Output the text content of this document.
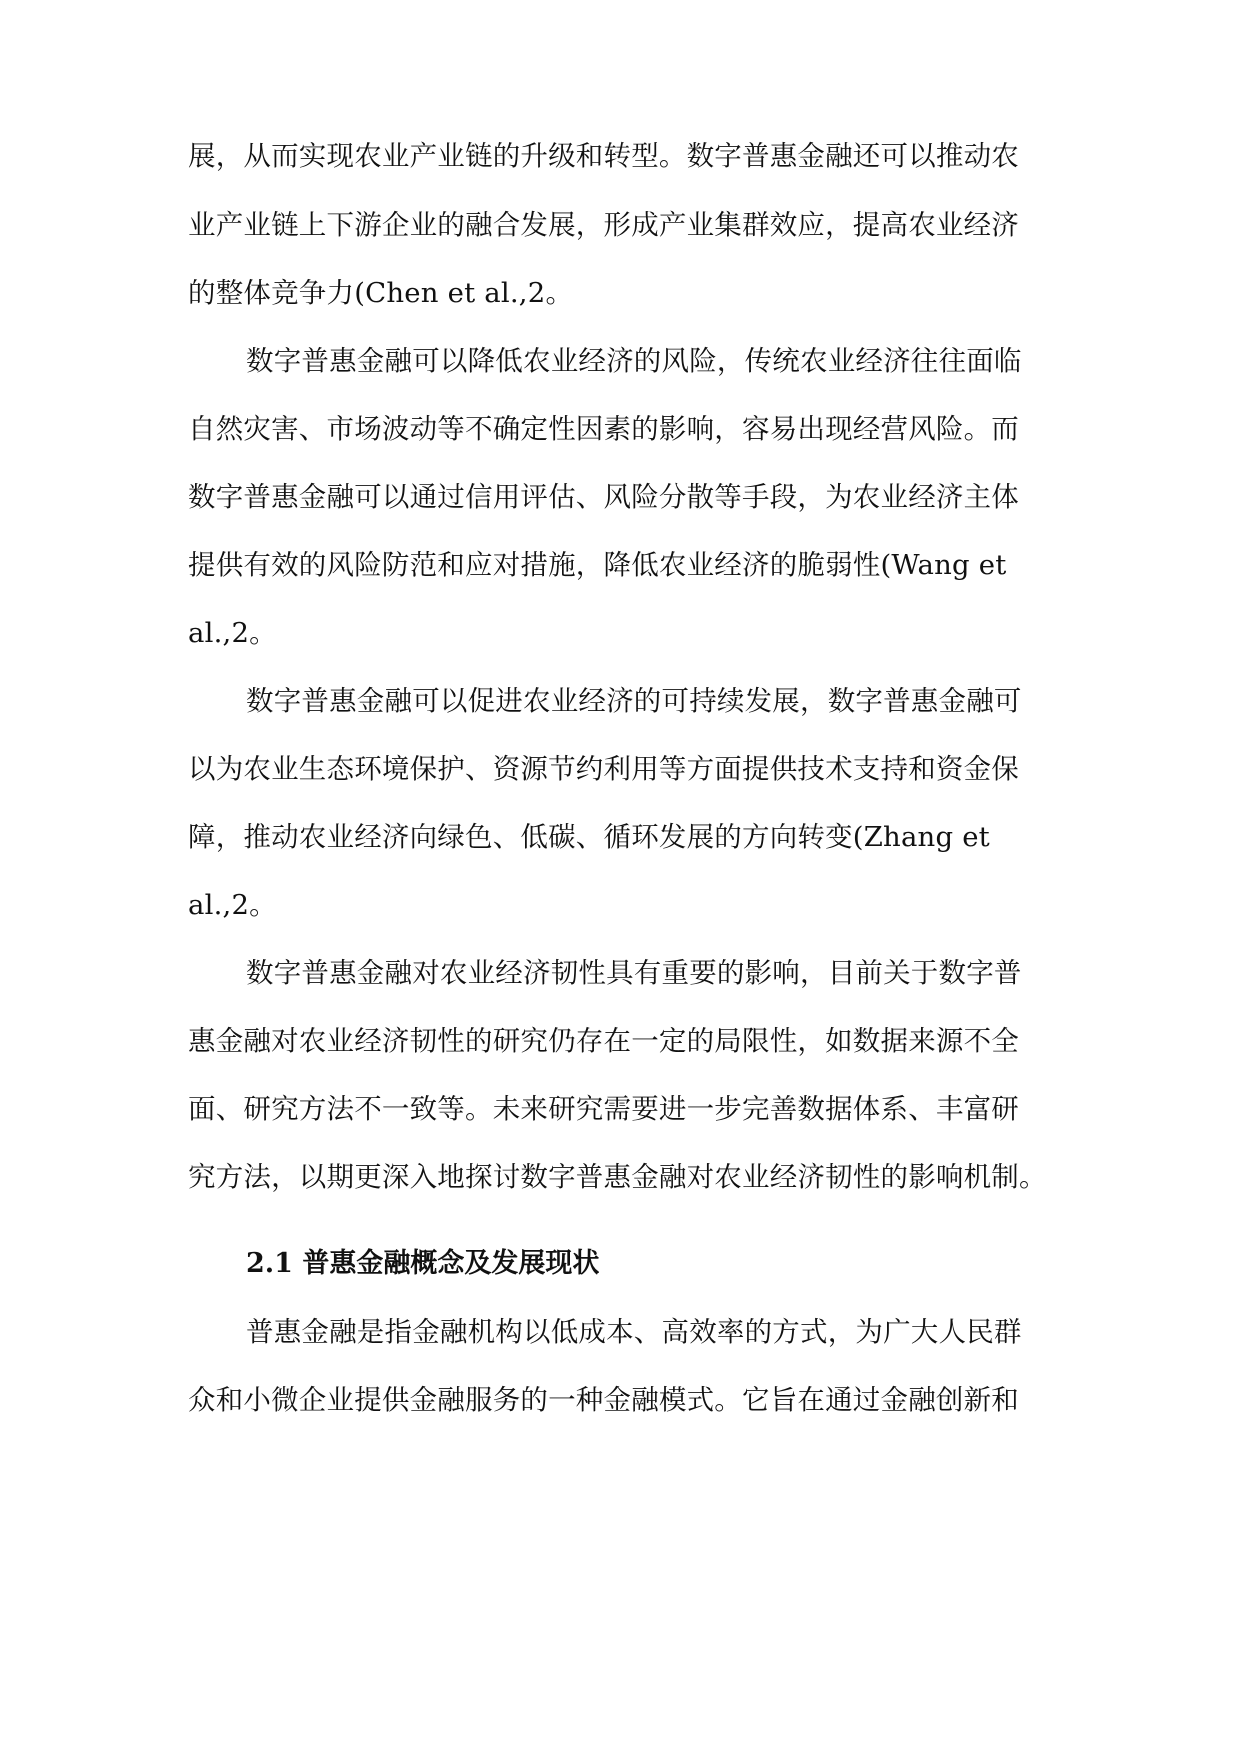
展，从而实现农业产业链的升级和转型。数字普惠金融还可以推动农
业产业链上下游企业的融合发展，形成产业集群效应，提高农业经济
的整体竞争力(Chen et al.,2。
数字普惠金融可以降低农业经济的风险，传统农业经济往往面临
自然灾害、市场波动等不确定性因素的影响，容易出现经营风险。而
数字普惠金融可以通过信用评估、风险分散等手段，为农业经济主体
提供有效的风险防范和应对措施，降低农业经济的脆弱性(Wang et
al.,2。
数字普惠金融可以促进农业经济的可持续发展，数字普惠金融可
以为农业生态环境保护、资源节约利用等方面提供技术支持和资金保
障，推动农业经济向绿色、低碳、循环发展的方向转变(Zhang et
al.,2。
数字普惠金融对农业经济韧性具有重要的影响，目前关于数字普
惠金融对农业经济韧性的研究仍存在一定的局限性，如数据来源不全
面、研究方法不一致等。未来研究需要进一步完善数据体系、丰富研
究方法，以期更深入地探讨数字普惠金融对农业经济韧性的影响机制。
2.1 普惠金融概念及发展现状
普惠金融是指金融机构以低成本、高效率的方式，为广大人民群
众和小微企业提供金融服务的一种金融模式。它旨在通过金融创新和
